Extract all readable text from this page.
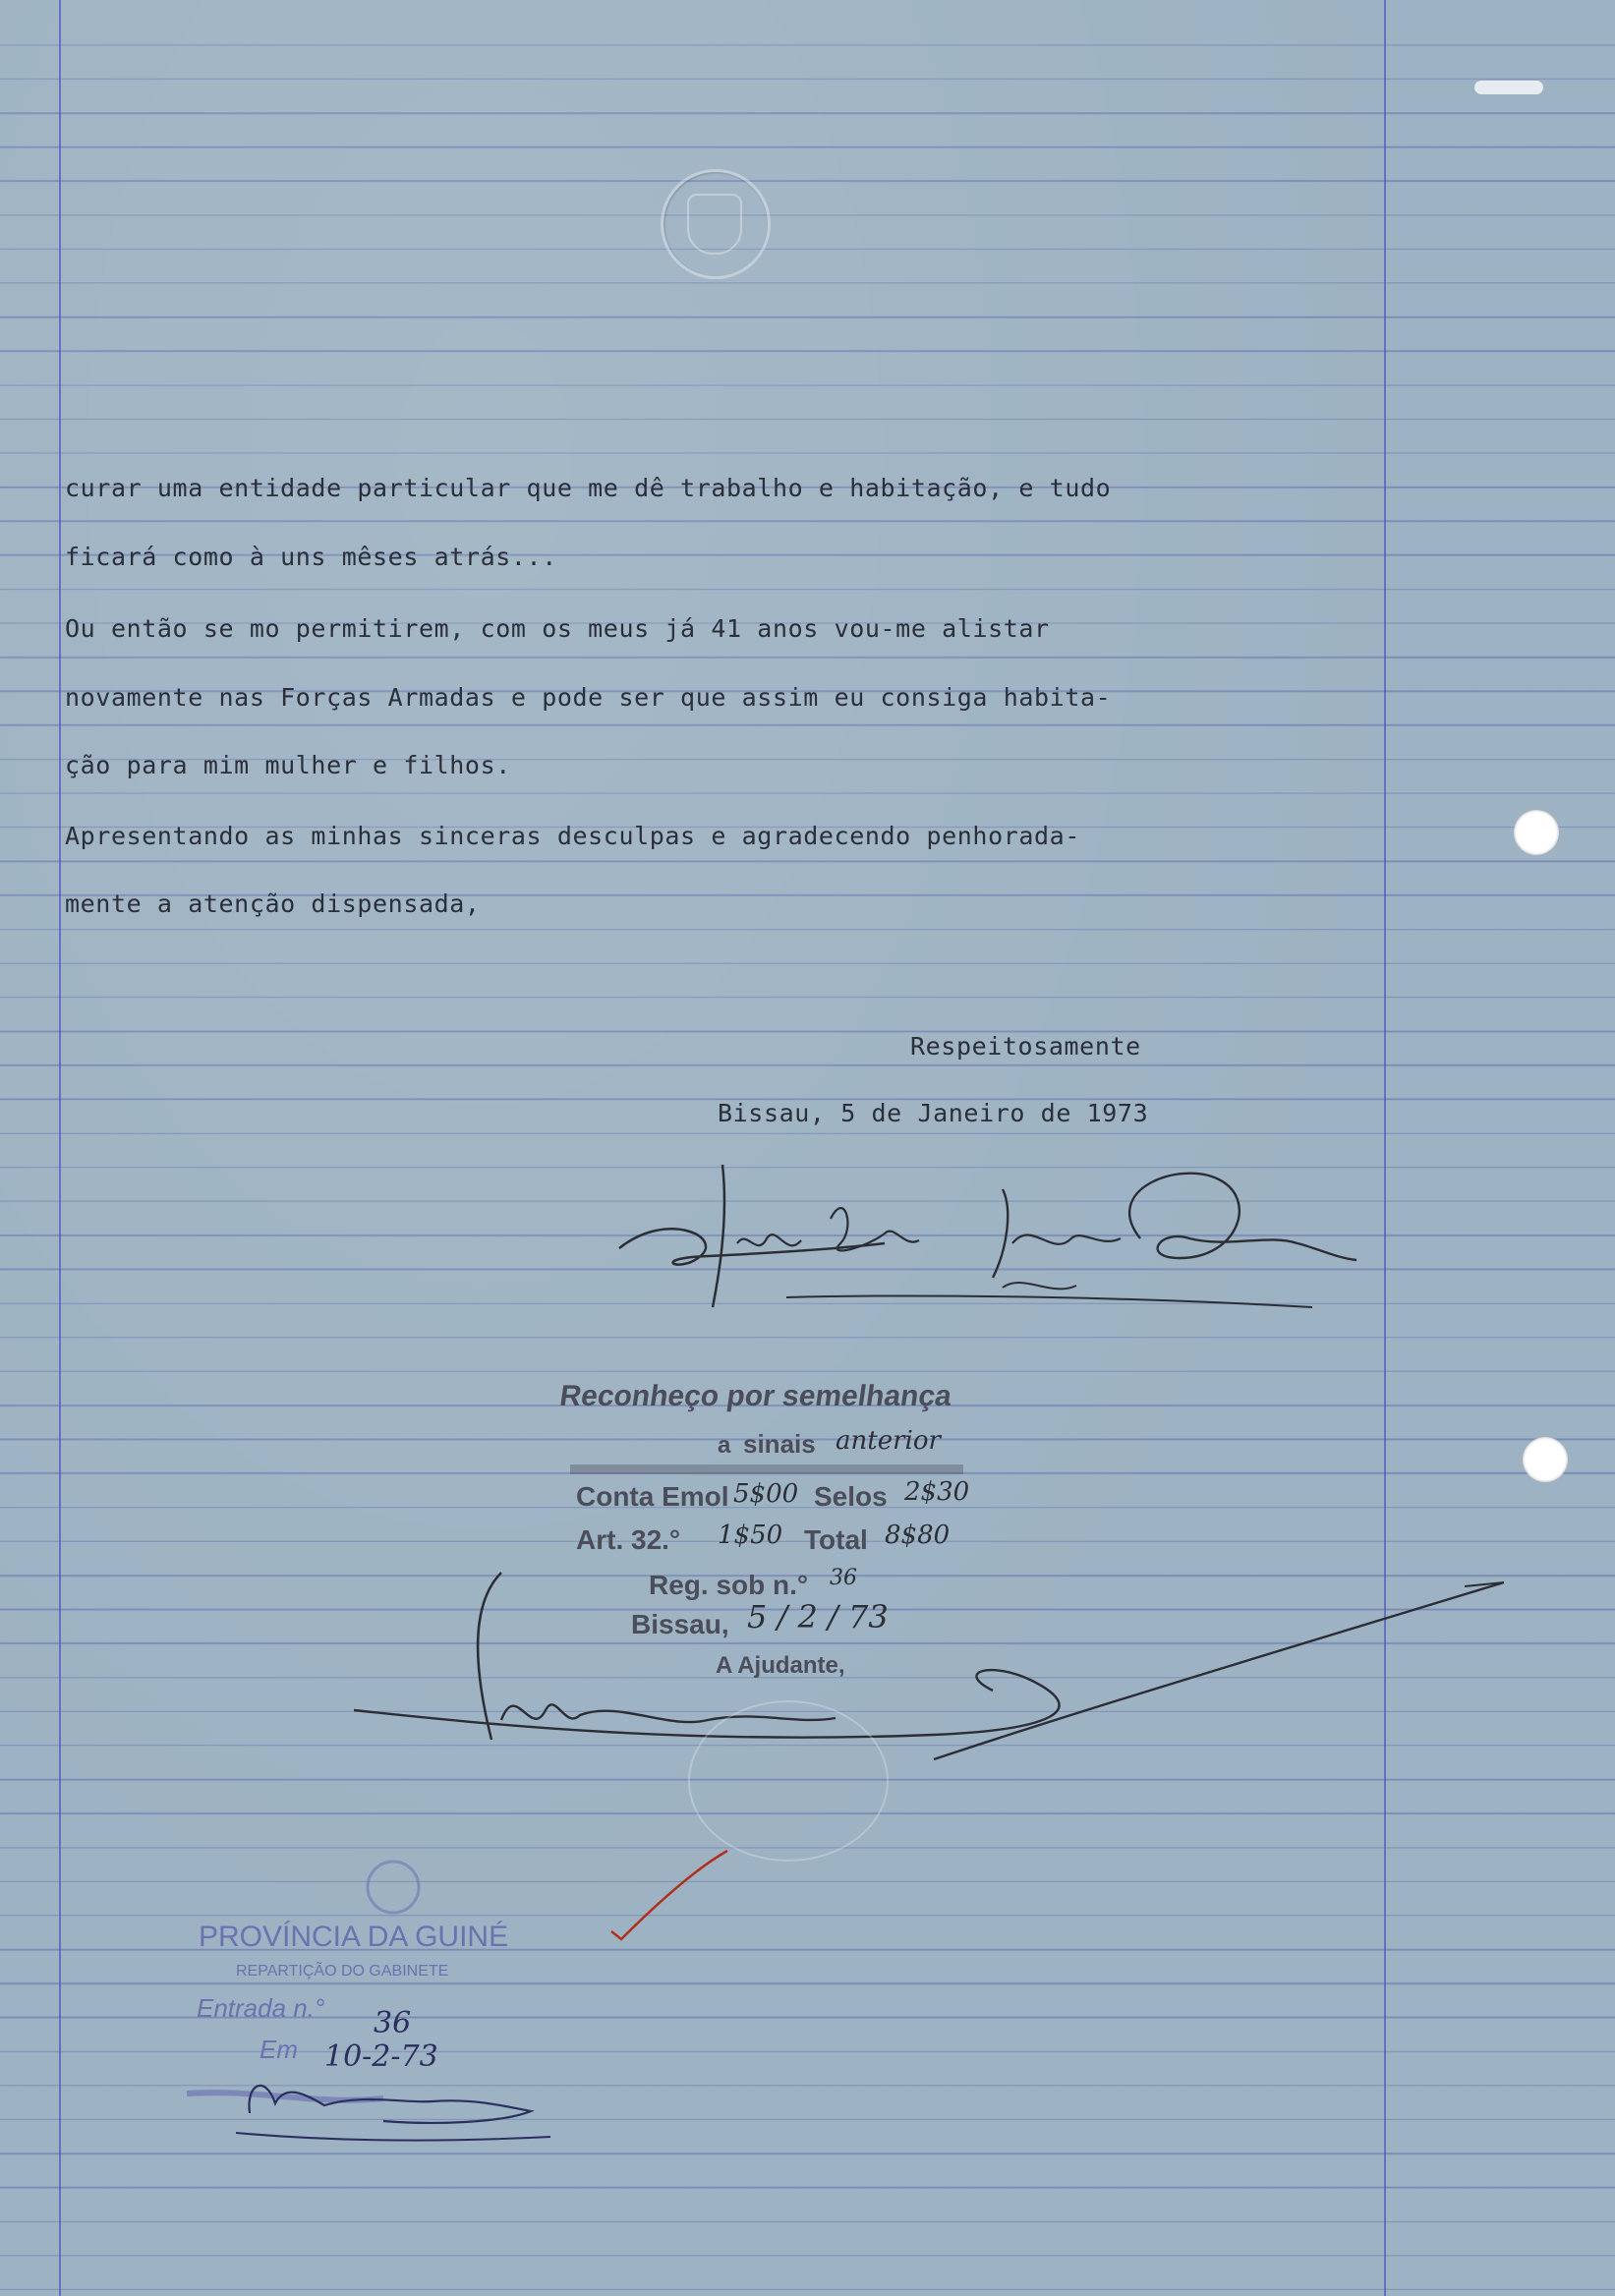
curar uma entidade particular que me dê trabalho e habitação, e tudo

ficará como à uns mêses atrás...

Ou então se mo permitirem, com os meus já 41 anos vou-me alistar

novamente nas Forças Armadas e pode ser que assim eu consiga habita-

ção para mim mulher e filhos.

Apresentando as minhas sinceras desculpas e agradecendo penhorada-

mente a atenção dispensada,

Respeitosamente

Bissau, 5 de Janeiro de 1973

Reconheço por semelhança
a sinais anterior
Conta Emol 5$00 Selos 2$30
Art. 32.° 1$50 Total 8$80
Reg. sob n.° 36
Bissau, 5 / 2 / 73
A Ajudante,
PROVÍNCIA DA GUINÉ
REPARTIÇÃO DO GABINETE
Entrada n.° 36
Em 10-2-73
